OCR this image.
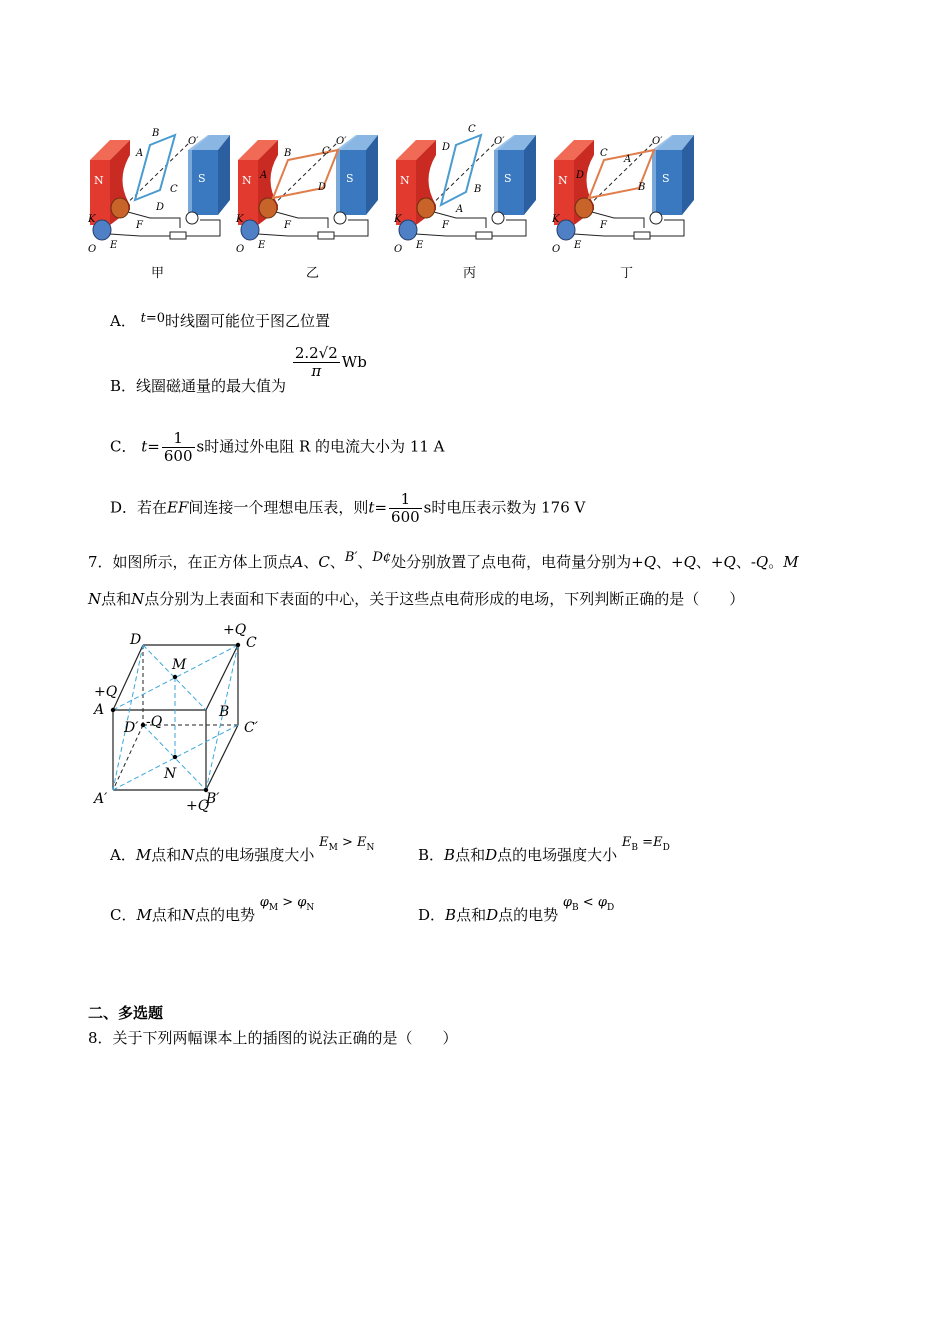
N	S
O′
K
O E
F
B
A
C
D
N	S
O′
K
O E
F
B
A
C
D
N	S
O′
K
O E
F
C
D
B
A
N	S
O′
K
O E
F
C
D
B
A
甲	乙	丙	丁
A． t=0时线圈可能位于图乙位置
B．线圈磁通量的最大值为
$\frac{2.2√2}{\pi}$ Wb
C． $t= \frac{1}{600}$ s时通过外电阻 R 的电流大小为 11 A
D．若在EF间连接一个理想电压表，则$t= \frac{1}{600}$ s时电压表示数为 176 V
7．如图所示，在正方体上顶点A、C、B′、D¢处分别放置了点电荷，电荷量分别为+Q、+Q、+Q、-Q。M
N点和N点分别为上表面和下表面的中心，关于这些点电荷形成的电场，下列判断正确的是（　　）
D	C
A	B
M
N
D′	C′
A′	B′
+Q
+Q
-Q
+Q
A．M点和N点的电场强度大小 $E_M > E_N$	B．B点和D点的电场强度大小 $E_B =E_D$
C．M点和N点的电势 $\varphi_M > \varphi_N$	D．B点和D点的电势 $\varphi_B < \varphi_D$
二、多选题
8．关于下列两幅课本上的插图的说法正确的是（　　）
